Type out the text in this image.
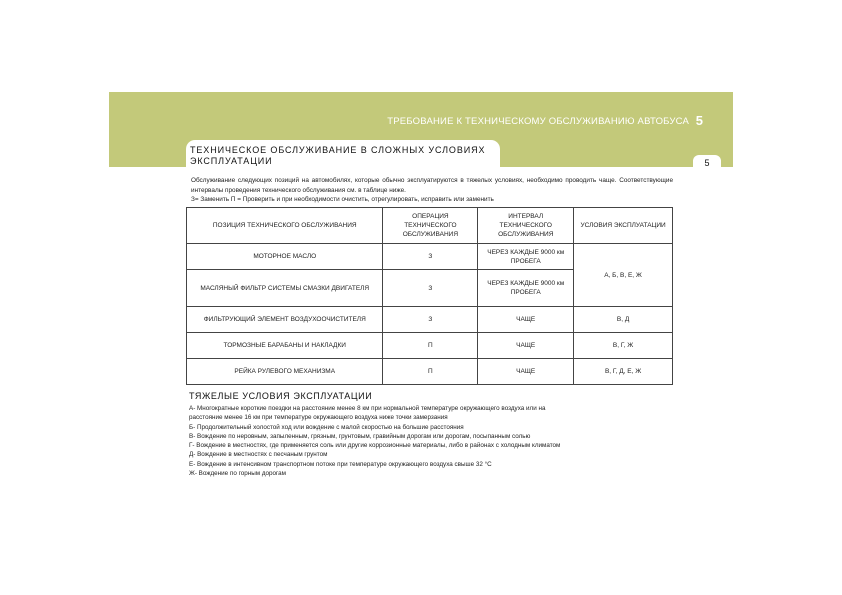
ТРЕБОВАНИЕ К ТЕХНИЧЕСКОМУ ОБСЛУЖИВАНИЮ АВТОБУСА 5
ТЕХНИЧЕСКОЕ ОБСЛУЖИВАНИЕ В СЛОЖНЫХ УСЛОВИЯХ
ЭКСПЛУАТАЦИИ	5

Обслуживание следующих позиций на автомобилях, которые обычно эксплуатируются в тяжелых условиях, необходимо проводить чаще. Соответствующие интервалы проведения технического обслуживания см. в таблице ниже.

З= Заменить П = Проверить и при необходимости очистить, отрегулировать, исправить или заменить

ПОЗИЦИЯ ТЕХНИЧЕСКОГО ОБСЛУЖИВАНИЯ	ОПЕРАЦИЯ ТЕХНИЧЕСКОГО ОБСЛУЖИВАНИЯ	ИНТЕРВАЛ ТЕХНИЧЕСКОГО ОБСЛУЖИВАНИЯ	УСЛОВИЯ ЭКСПЛУАТАЦИИ
МОТОРНОЕ МАСЛО	З	ЧЕРЕЗ КАЖДЫЕ 9000 км ПРОБЕГА	А, Б, В, Е, Ж
МАСЛЯНЫЙ ФИЛЬТР СИСТЕМЫ СМАЗКИ ДВИГАТЕЛЯ	З	ЧЕРЕЗ КАЖДЫЕ 9000 км ПРОБЕГА	
ФИЛЬТРУЮЩИЙ ЭЛЕМЕНТ ВОЗДУХООЧИСТИТЕЛЯ	З	ЧАЩЕ	В, Д
ТОРМОЗНЫЕ БАРАБАНЫ И НАКЛАДКИ	П	ЧАЩЕ	В, Г, Ж
РЕЙКА РУЛЕВОГО МЕХАНИЗМА	П	ЧАЩЕ	В, Г, Д, Е, Ж
ТЯЖЕЛЫЕ УСЛОВИЯ ЭКСПЛУАТАЦИИ
А- Многократные короткие поездки на расстояние менее 8 км при нормальной температуре окружающего воздуха или на
расстояние менее 16 км при температуре окружающего воздуха ниже точки замерзания
Б- Продолжительный холостой ход или вождение с малой скоростью на большие расстояния
В- Вождение по неровным, запыленным, грязным, грунтовым, гравийным дорогам или дорогам, посыпанным солью
Г- Вождение в местностях, где применяется соль или другие коррозионные материалы, либо в районах с холодным климатом
Д- Вождение в местностях с песчаным грунтом
Е- Вождение в интенсивном транспортном потоке при температуре окружающего воздуха свыше 32 °C
Ж- Вождение по горным дорогам
